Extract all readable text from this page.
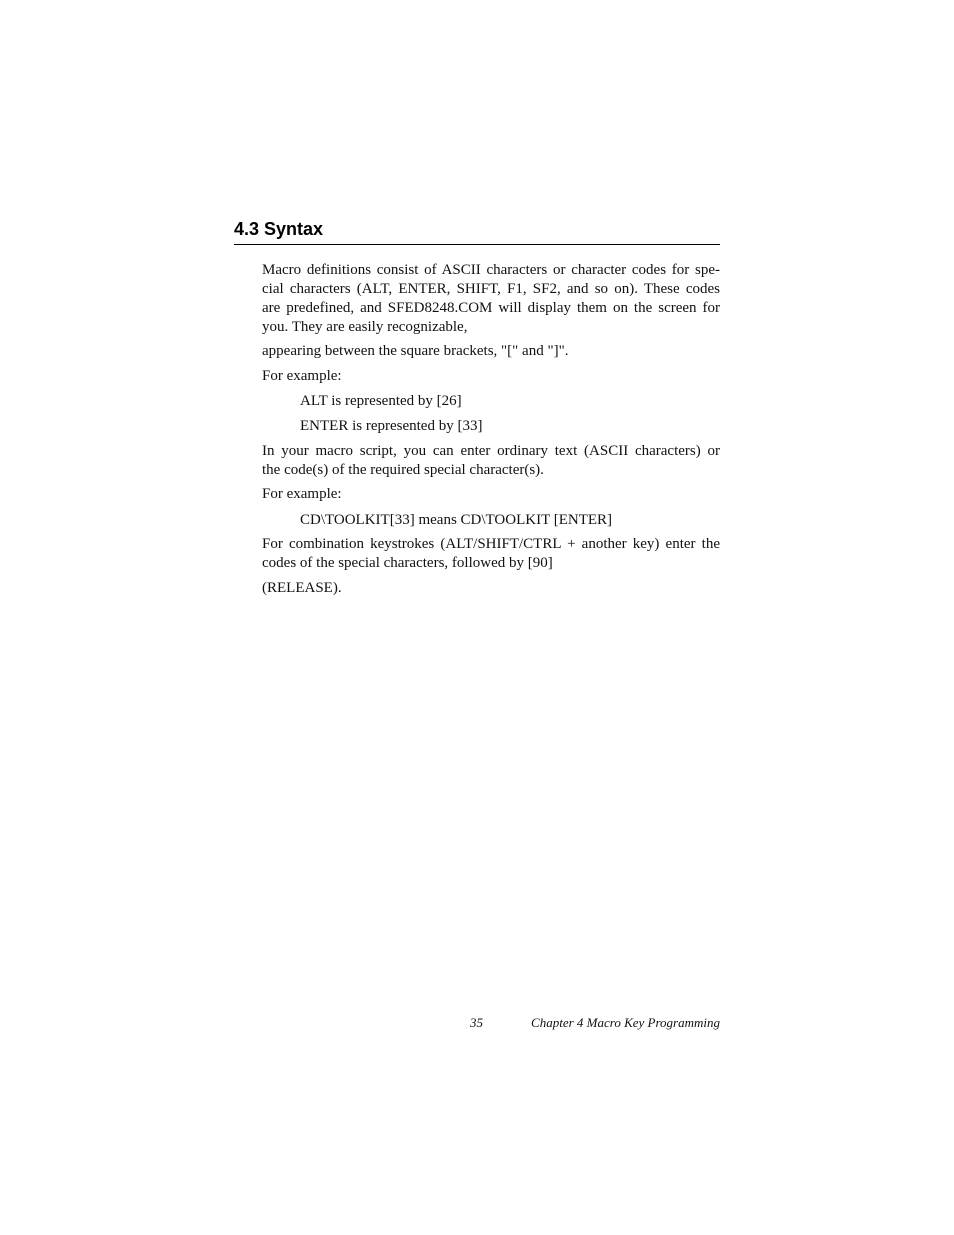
4.3 Syntax
Macro definitions consist of ASCII characters or character codes for spe-
cial characters (ALT, ENTER, SHIFT, F1, SF2, and so on). These codes
are predefined, and SFED8248.COM will display them on the screen for
you. They are easily recognizable,
appearing between the square brackets, "[" and "]".
For example:
ALT is represented by [26]
ENTER is represented by [33]
In your macro script, you can enter ordinary text (ASCII characters) or
the code(s) of the required special character(s).
For example:
CD\TOOLKIT[33] means CD\TOOLKIT [ENTER]
For combination keystrokes (ALT/SHIFT/CTRL + another key) enter the
codes of the special characters, followed by [90]
(RELEASE).
35	Chapter 4 Macro Key Programming
